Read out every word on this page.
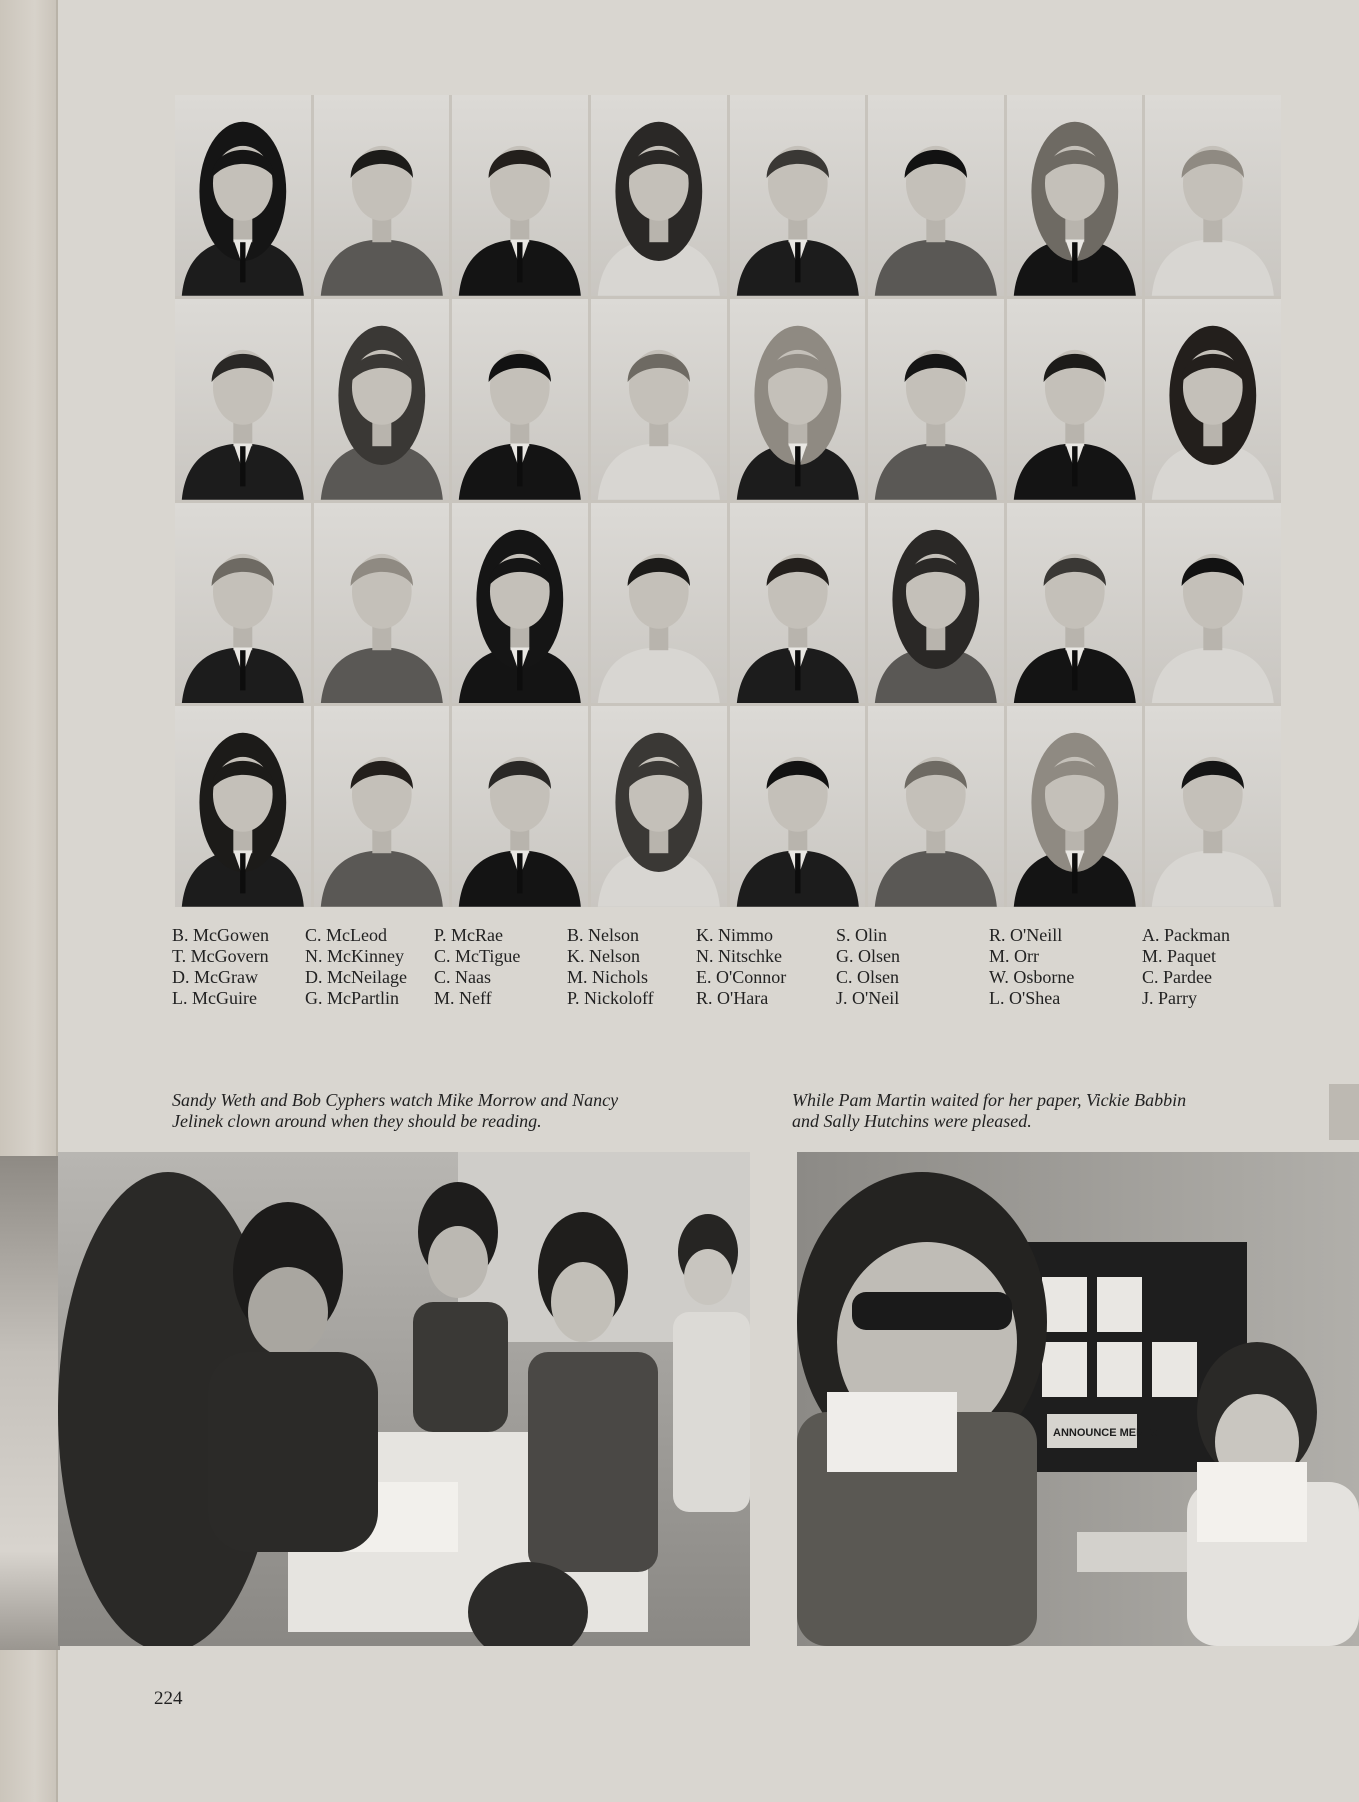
B. McGowen
T. McGovern
D. McGraw
L. McGuire
C. McLeod
N. McKinney
D. McNeilage
G. McPartlin
P. McRae
C. McTigue
C. Naas
M. Neff
B. Nelson
K. Nelson
M. Nichols
P. Nickoloff
K. Nimmo
N. Nitschke
E. O'Connor
R. O'Hara
S. Olin
G. Olsen
C. Olsen
J. O'Neil
R. O'Neill
M. Orr
W. Osborne
L. O'Shea
A. Packman
M. Paquet
C. Pardee
J. Parry
Sandy Weth and Bob Cyphers watch Mike Morrow and Nancy
Jelinek clown around when they should be reading.
While Pam Martin waited for her paper, Vickie Babbin
and Sally Hutchins were pleased.
ANNOUNCE MENTS
224
